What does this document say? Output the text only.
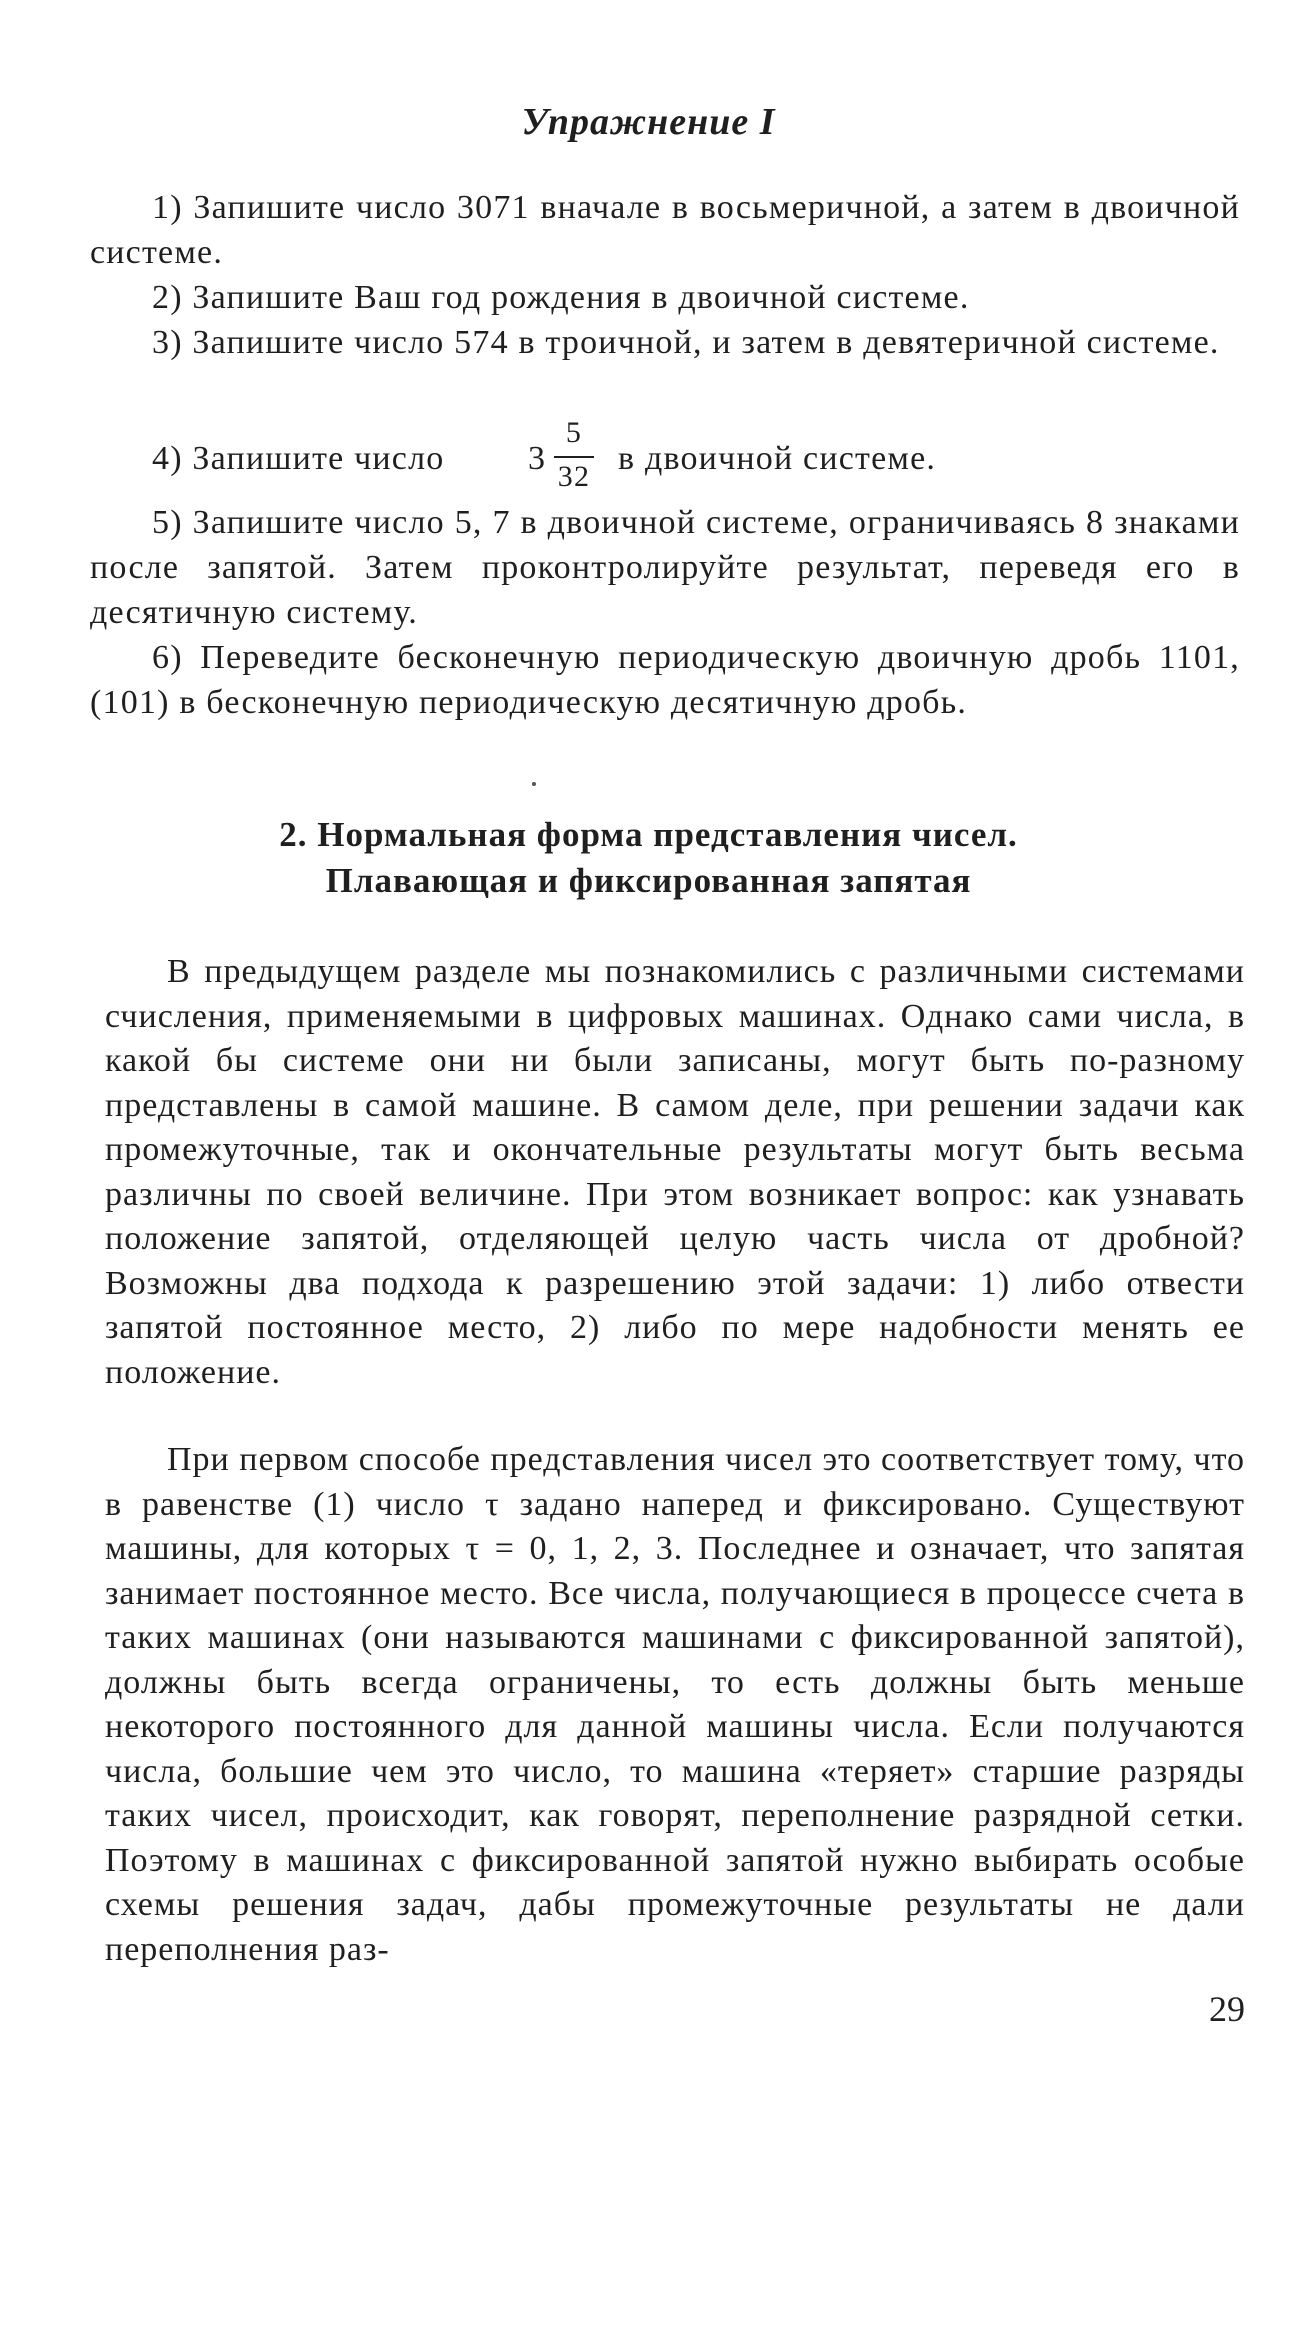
Упражнение I
1) Запишите число 3071 вначале в восьмеричной, а затем в двоичной системе.
2) Запишите Ваш год рождения в двоичной системе.
3) Запишите число 574 в троичной, и затем в девятеричной системе.
4) Запишите число 3
5
32 в двоичной системе.
5) Запишите число 5, 7 в двоичной системе, ограничиваясь 8 знаками после запятой. Затем проконтролируйте результат, переведя его в десятичную систему.
6) Переведите бесконечную периодическую двоичную дробь 1101,(101) в бесконечную периодическую десятичную дробь.
2. Нормальная форма представления чисел.
Плавающая и фиксированная запятая
В предыдущем разделе мы познакомились с различными системами счисления, применяемыми в цифровых машинах. Однако сами числа, в какой бы системе они ни были записаны, могут быть по-разному представлены в самой машине. В самом деле, при решении задачи как промежуточные, так и окончательные результаты могут быть весьма различны по своей величине. При этом возникает вопрос: как узнавать положение запятой, отделяющей целую часть числа от дробной? Возможны два подхода к разрешению этой задачи: 1) либо отвести запятой постоянное место, 2) либо по мере надобности менять ее положение.
При первом способе представления чисел это соответствует тому, что в равенстве (1) число τ задано наперед и фиксировано. Существуют машины, для которых τ = 0, 1, 2, 3. Последнее и означает, что запятая занимает постоянное место. Все числа, получающиеся в процессе счета в таких машинах (они называются машинами с фиксированной запятой), должны быть всегда ограничены, то есть должны быть меньше некоторого постоянного для данной машины числа. Если получаются числа, большие чем это число, то машина «теряет» старшие разряды таких чисел, происходит, как говорят, переполнение разрядной сетки. Поэтому в машинах с фиксированной запятой нужно выбирать особые схемы решения задач, дабы промежуточные результаты не дали переполнения раз-
29
